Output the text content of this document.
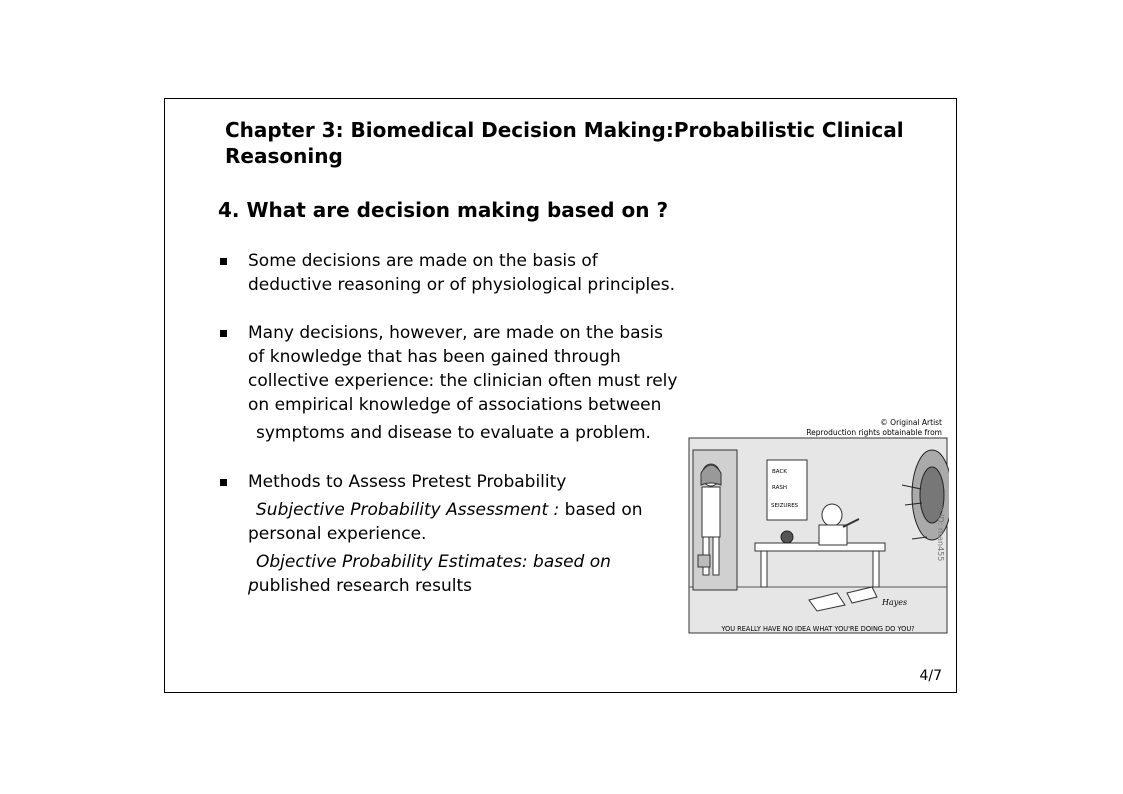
Chapter 3: Biomedical Decision Making:Probabilistic Clinical
Reasoning
4. What are decision making based on ?
Some decisions are made on the basis of
deductive reasoning or of physiological principles.
Many decisions, however, are made on the basis
of knowledge that has been gained through
collective experience: the clinician often must rely
on empirical knowledge of associations between
symptoms and disease to evaluate a problem.
Methods to Assess Pretest Probability
Subjective Probability Assessment : based on
personal experience.
Objective Probability Estimates: based on
published research results
© Original Artist
Reproduction rights obtainable from
BACK
RASH
SEIZURES
Hayes
search ID: rhan455
YOU REALLY HAVE NO IDEA WHAT YOU'RE DOING DO YOU?
4/7
